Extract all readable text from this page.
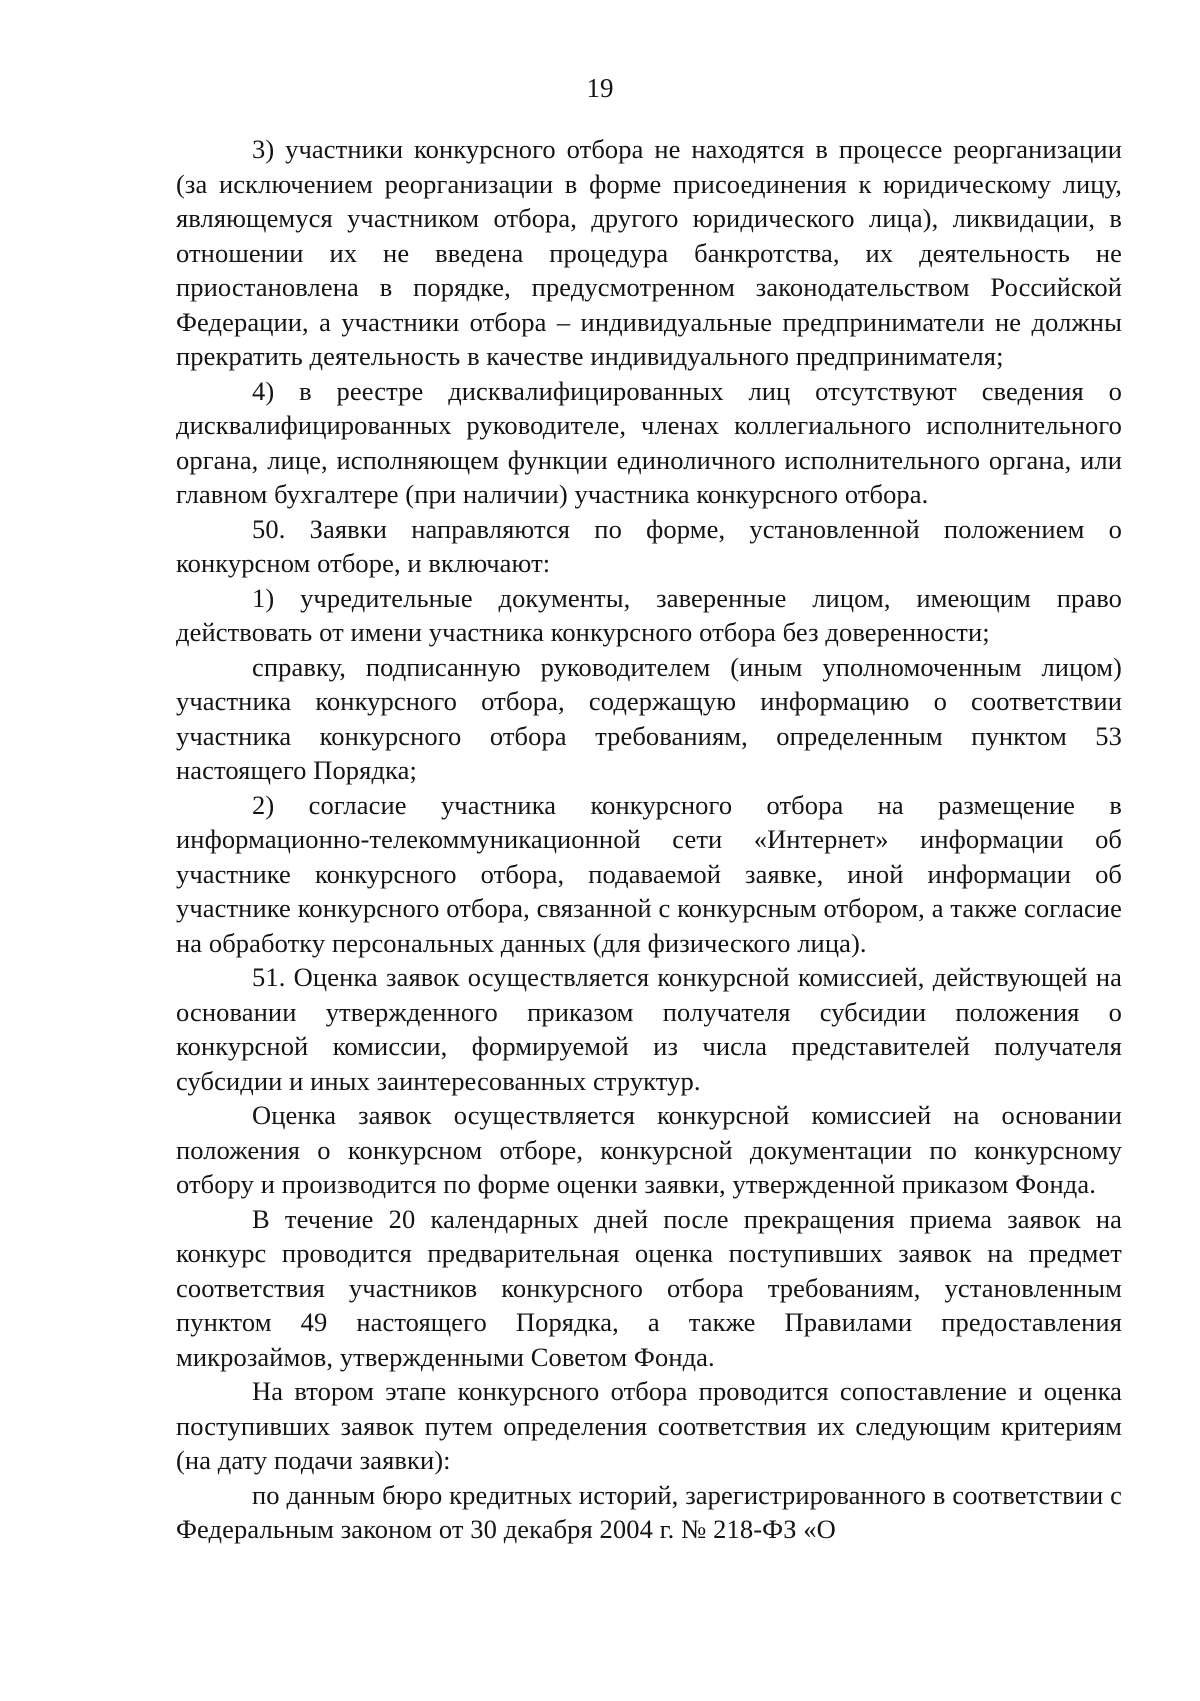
19

3) участники конкурсного отбора не находятся в процессе реорганизации (за исключением реорганизации в форме присоединения к юридическому лицу, являющемуся участником отбора, другого юридического лица), ликвидации, в отношении их не введена процедура банкротства, их деятельность не приостановлена в порядке, предусмотренном законодательством Российской Федерации, а участники отбора – индивидуальные предприниматели не должны прекратить деятельность в качестве индивидуального предпринимателя;

4) в реестре дисквалифицированных лиц отсутствуют сведения о дисквалифицированных руководителе, членах коллегиального исполнительного органа, лице, исполняющем функции единоличного исполнительного органа, или главном бухгалтере (при наличии) участника конкурсного отбора.

50. Заявки направляются по форме, установленной положением о конкурсном отборе, и включают:

1) учредительные документы, заверенные лицом, имеющим право действовать от имени участника конкурсного отбора без доверенности;

справку, подписанную руководителем (иным уполномоченным лицом) участника конкурсного отбора, содержащую информацию о соответствии участника конкурсного отбора требованиям, определенным пунктом 53 настоящего Порядка;

2) согласие участника конкурсного отбора на размещение в информационно-телекоммуникационной сети «Интернет» информации об участнике конкурсного отбора, подаваемой заявке, иной информации об участнике конкурсного отбора, связанной с конкурсным отбором, а также согласие на обработку персональных данных (для физического лица).

51. Оценка заявок осуществляется конкурсной комиссией, действующей на основании утвержденного приказом получателя субсидии положения о конкурсной комиссии, формируемой из числа представителей получателя субсидии и иных заинтересованных структур.

Оценка заявок осуществляется конкурсной комиссией на основании положения о конкурсном отборе, конкурсной документации по конкурсному отбору и производится по форме оценки заявки, утвержденной приказом Фонда.

В течение 20 календарных дней после прекращения приема заявок на конкурс проводится предварительная оценка поступивших заявок на предмет соответствия участников конкурсного отбора требованиям, установленным пунктом 49 настоящего Порядка, а также Правилами предоставления микрозаймов, утвержденными Советом Фонда.

На втором этапе конкурсного отбора проводится сопоставление и оценка поступивших заявок путем определения соответствия их следующим критериям (на дату подачи заявки):

по данным бюро кредитных историй, зарегистрированного в соответствии с Федеральным законом от 30 декабря 2004 г. № 218-ФЗ «О
